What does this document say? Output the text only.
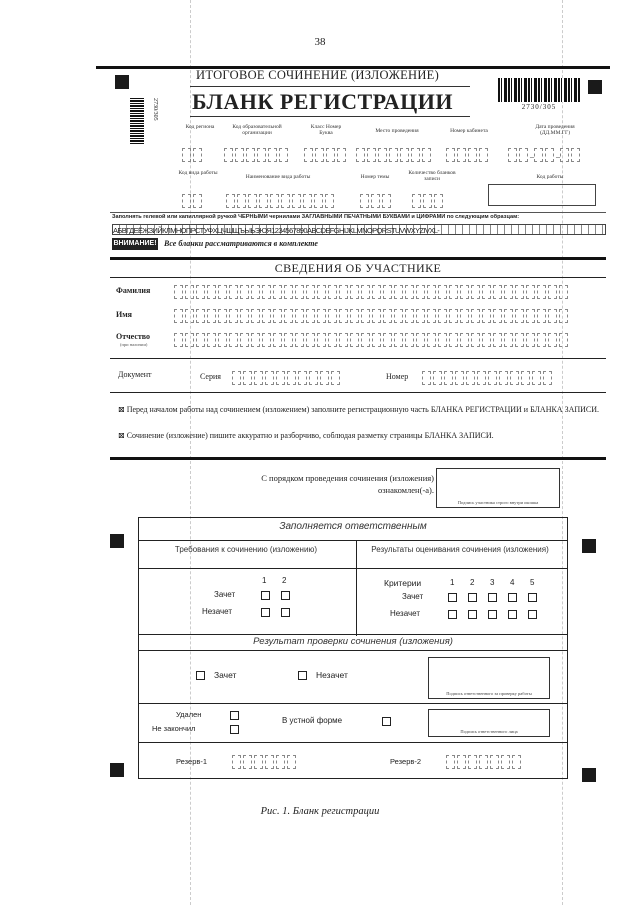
38
2730/305
ИТОГОВОЕ СОЧИНЕНИЕ (ИЗЛОЖЕНИЕ)
БЛАНК РЕГИСТРАЦИИ	2730/305
Код региона	Код образовательной организации
Класс Номер Буква	Место проведения	Номер кабинета
Дата проведения (ДД.ММ.ГГ)
–	–
Код вида работы
Наименование вида работы	Номер темы
Количество бланков записи	Код работы
Заполнять гелевой или капиллярной ручкой ЧЁРНЫМИ чернилами ЗАГЛАВНЫМИ ПЕЧАТНЫМИ БУКВАМИ и ЦИФРАМИ по следующим образцам:
АБВГДЕЁЖЗИЙКЛМНОПРСТУФХЦЧШЩЪЫЬЭЮЯ1234567890ABCDEFGHIJKLMNOPQRSTUVWXYZIVXL-
ВНИМАНИЕ! Все бланки рассматриваются в комплекте
СВЕДЕНИЯ ОБ УЧАСТНИКЕ
Фамилия
Имя
Отчество
(при наличии)
Документ	Серия	Номер
⊠ Перед началом работы над сочинением (изложением) заполните регистрационную часть БЛАНКА РЕГИСТРАЦИИ и БЛАНКА ЗАПИСИ.
⊠ Сочинение (изложение) пишите аккуратно и разборчиво, соблюдая разметку страницы БЛАНКА ЗАПИСИ.
С порядком проведения сочинения (изложения) ознакомлен(-а).
Подпись участника строго внутри окошка
Заполняется ответственным
Требования к сочинению (изложению)	Результаты оценивания сочинения (изложения)
1 2
Зачет
Незачет
Критерии	1 2 3 4 5
Зачет
Незачет
Результат проверки сочинения (изложения)
Зачет	Незачет
Подпись ответственного за проверку работы
Удален
Не закончил
В устной форме
Подпись ответственного лица
Резерв-1	Резерв-2
Рис. 1. Бланк регистрации
